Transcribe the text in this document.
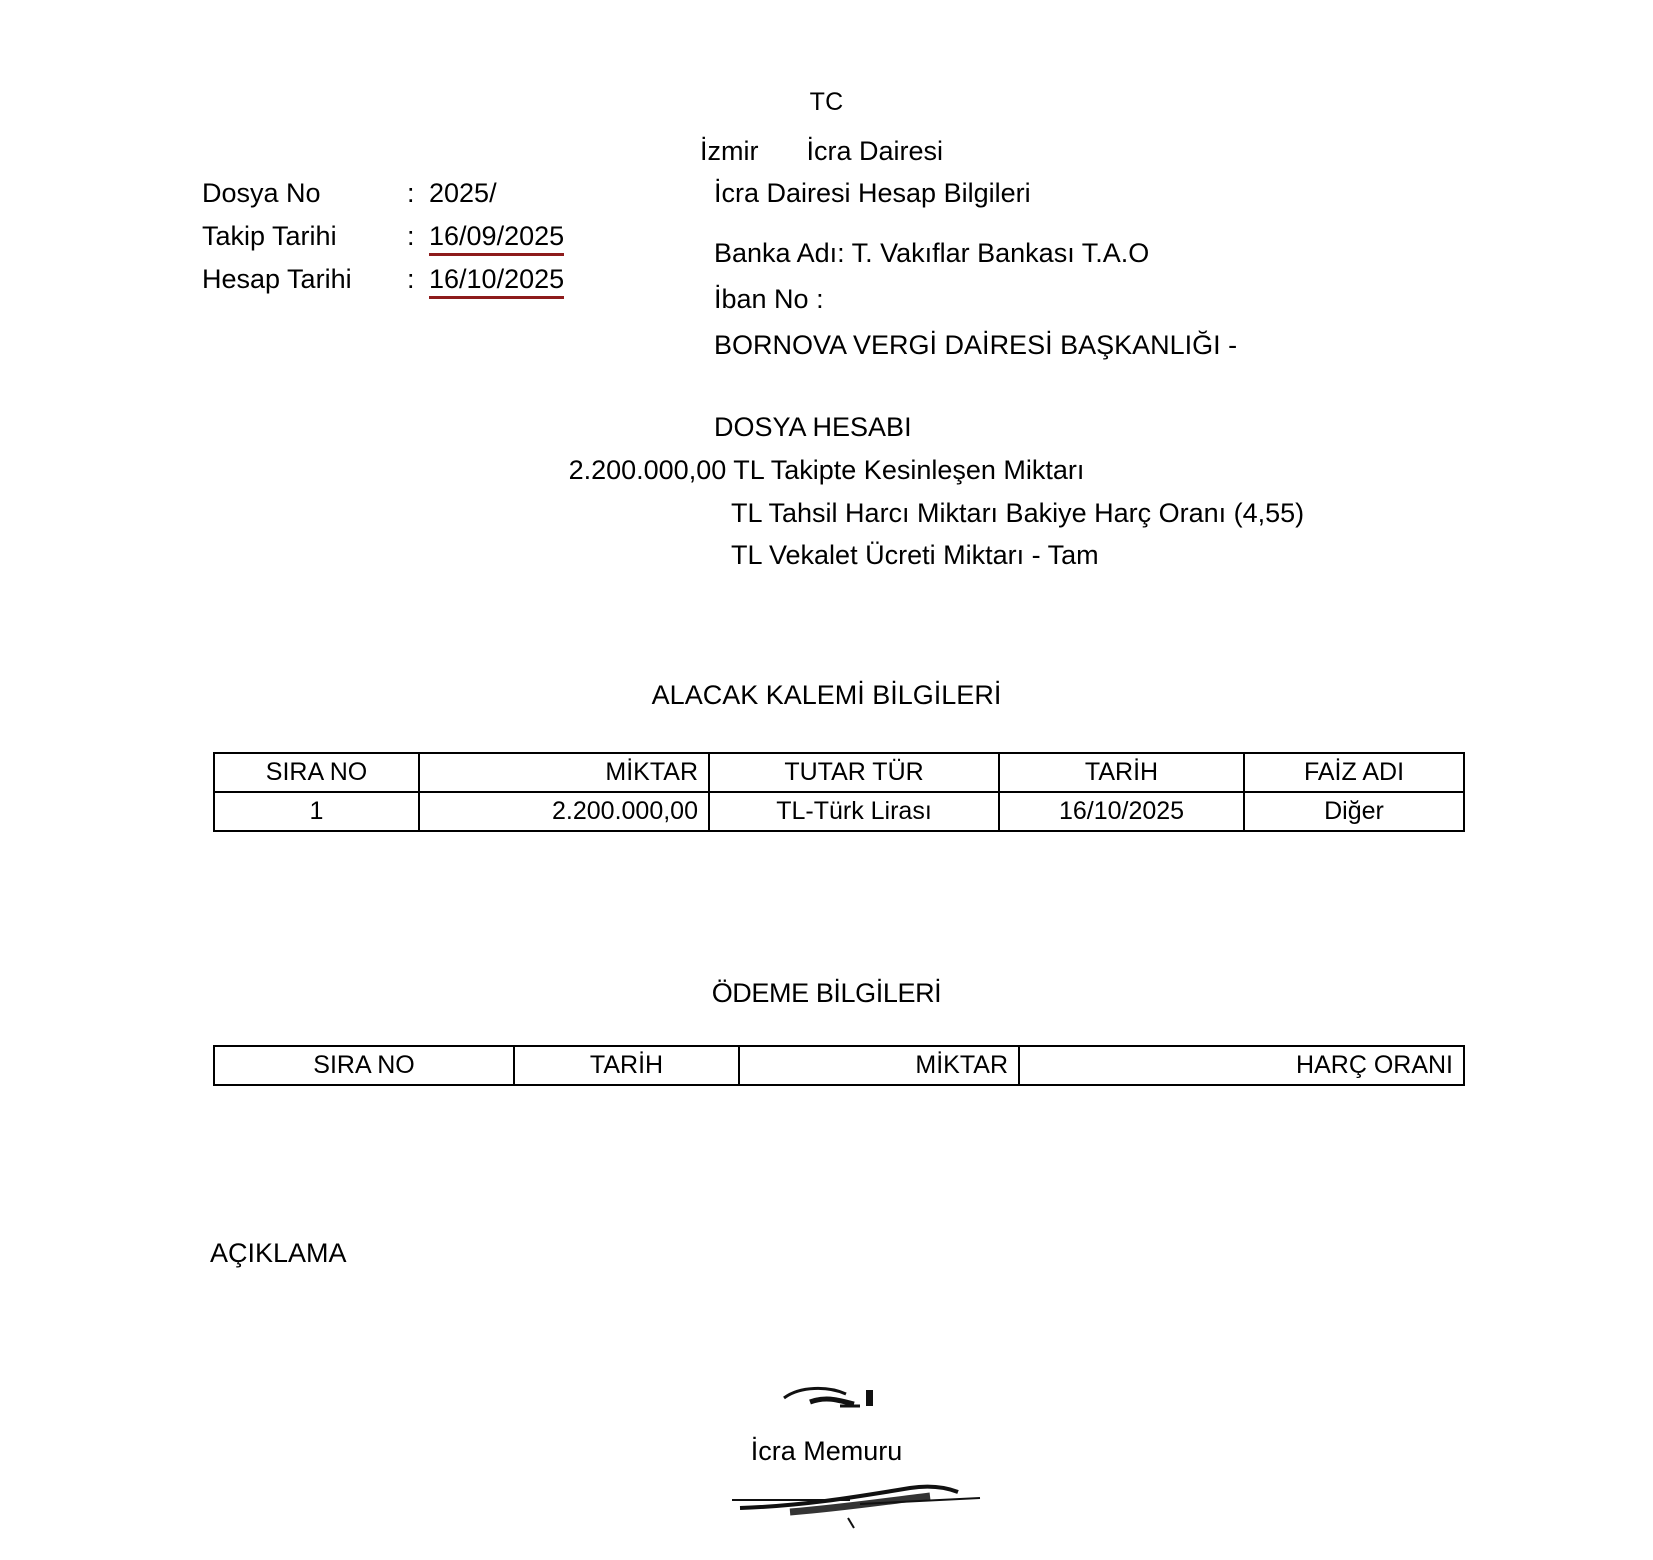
TC
İzmir İcra Dairesi
Dosya No	: 2025/
Takip Tarihi	: 16/09/2025
Hesap Tarihi	: 16/10/2025
İcra Dairesi Hesap Bilgileri
Banka Adı: T. Vakıflar Bankası T.A.O
İban No :
BORNOVA VERGİ DAİRESİ BAŞKANLIĞI -
DOSYA HESABI
2.200.000,00 TL Takipte Kesinleşen Miktarı
TL Tahsil Harcı Miktarı Bakiye Harç Oranı (4,55)
TL Vekalet Ücreti Miktarı - Tam
ALACAK KALEMİ BİLGİLERİ
SIRA NO	MİKTAR	TUTAR TÜR	TARİH	FAİZ ADI
1	2.200.000,00	TL-Türk Lirası	16/10/2025	Diğer
ÖDEME BİLGİLERİ
SIRA NO	TARİH	MİKTAR	HARÇ ORANI
AÇIKLAMA
İcra Memuru
